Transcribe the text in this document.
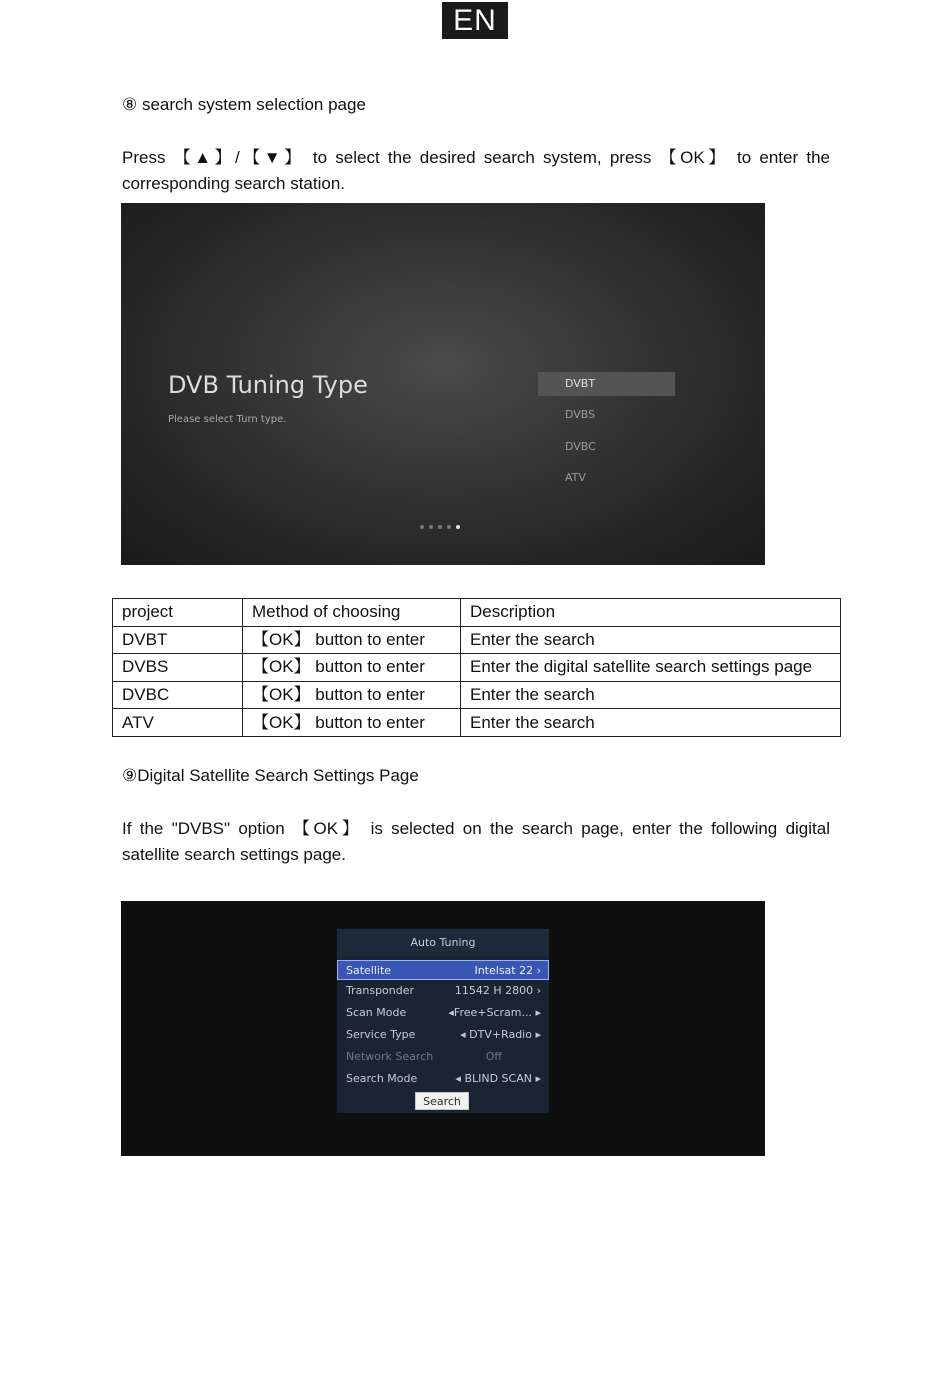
EN
⑧ search system selection page
Press 【▲】/【▼】 to select the desired search system, press 【OK】 to enter the corresponding search station.
DVB Tuning Type
Please select Turn type.
DVBT
DVBS
DVBC
ATV
project	Method of choosing	Description
DVBT	【OK】 button to enter	Enter the search
DVBS	【OK】 button to enter	Enter the digital satellite search settings page
DVBC	【OK】 button to enter	Enter the search
ATV	【OK】 button to enter	Enter the search
⑨Digital Satellite Search Settings Page
If the "DVBS" option 【OK】 is selected on the search page, enter the following digital satellite search settings page.
Auto Tuning
Satellite	Intelsat 22 ›
Transponder	11542 H 2800 ›
Scan Mode	◂Free+Scram... ▸
Service Type	◂ DTV+Radio ▸
Network Search	Off
Search Mode	◂ BLIND SCAN ▸
Search
